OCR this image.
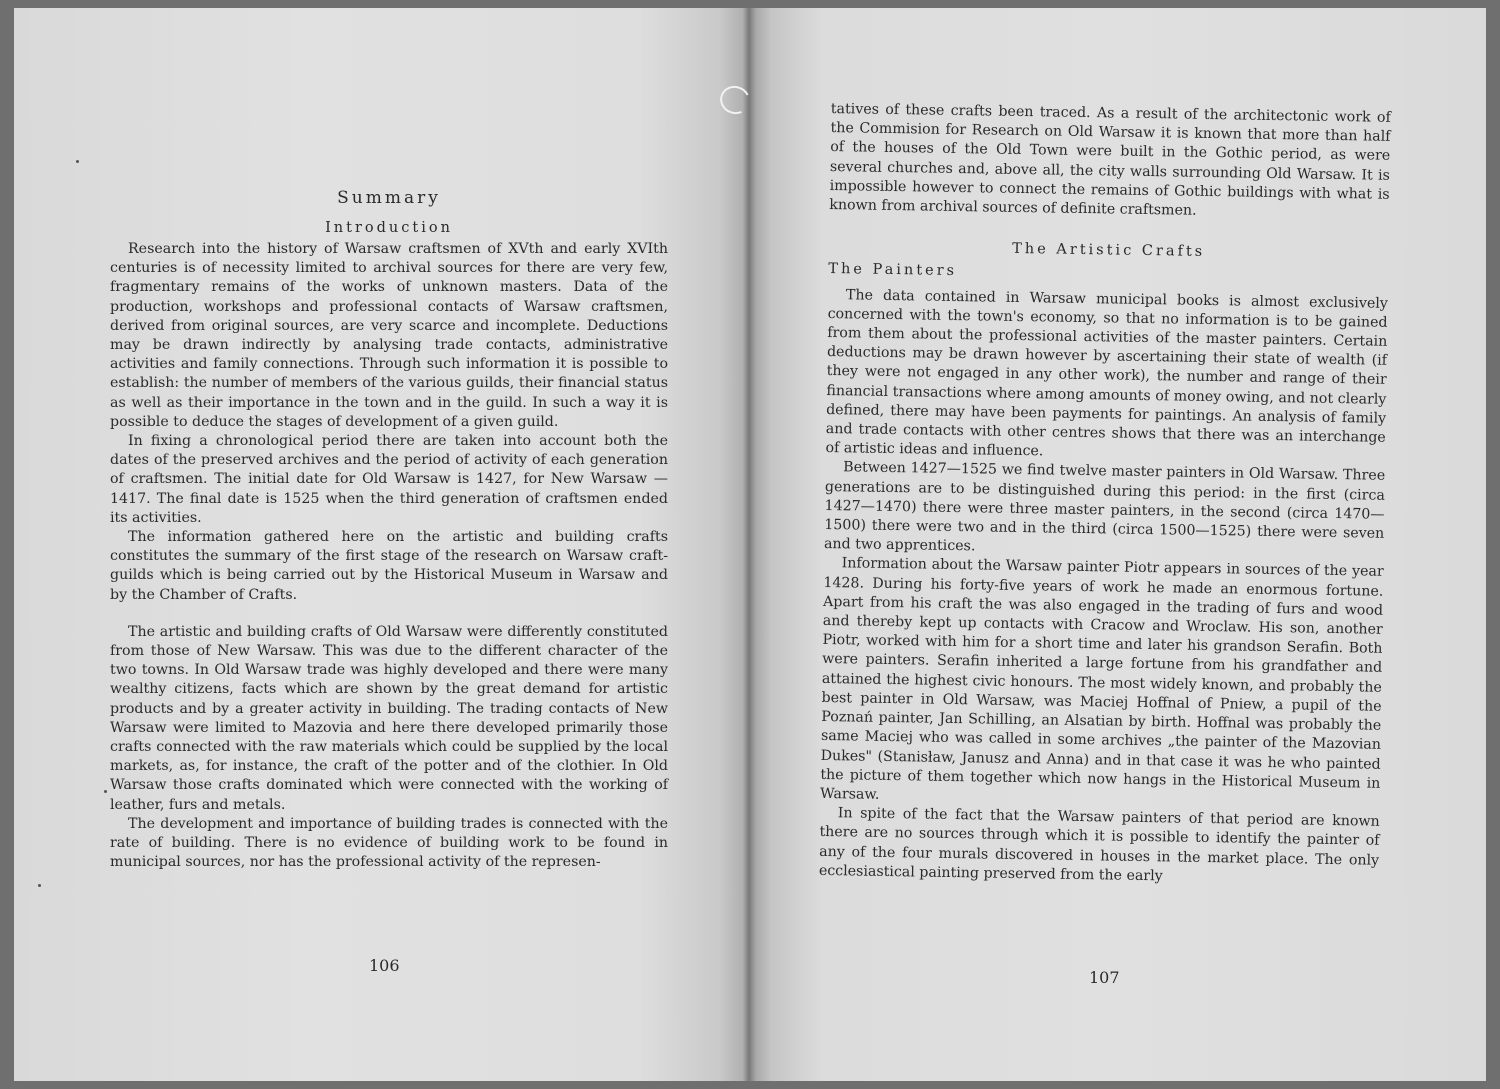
Summary
Introduction

Research into the history of Warsaw craftsmen of XVth and early XVIth centuries is of necessity limited to archival sources for there are very few, fragmentary remains of the works of unknown masters. Data of the production, workshops and professional contacts of Warsaw craftsmen, derived from original sources, are very scarce and incomplete. Deductions may be drawn indirectly by analysing trade contacts, administrative activities and family connections. Through such information it is possible to establish: the number of members of the various guilds, their financial status as well as their importance in the town and in the guild. In such a way it is possible to deduce the stages of development of a given guild.

In fixing a chronological period there are taken into account both the dates of the preserved archives and the period of activity of each generation of craftsmen. The initial date for Old Warsaw is 1427, for New Warsaw — 1417. The final date is 1525 when the third generation of craftsmen ended its activities.

The information gathered here on the artistic and building crafts constitutes the summary of the first stage of the research on Warsaw craft-guilds which is being carried out by the Historical Museum in Warsaw and by the Chamber of Crafts.

The artistic and building crafts of Old Warsaw were differently constituted from those of New Warsaw. This was due to the different character of the two towns. In Old Warsaw trade was highly developed and there were many wealthy citizens, facts which are shown by the great demand for artistic products and by a greater activity in building. The trading contacts of New Warsaw were limited to Mazovia and here there developed primarily those crafts connected with the raw materials which could be supplied by the local markets, as, for instance, the craft of the potter and of the clothier. In Old Warsaw those crafts dominated which were connected with the working of leather, furs and metals.

The development and importance of building trades is connected with the rate of building. There is no evidence of building work to be found in municipal sources, nor has the professional activity of the represen-

106

tatives of these crafts been traced. As a result of the architectonic work of the Commision for Research on Old Warsaw it is known that more than half of the houses of the Old Town were built in the Gothic period, as were several churches and, above all, the city walls surrounding Old Warsaw. It is impossible however to connect the remains of Gothic buildings with what is known from archival sources of definite craftsmen.

The Artistic Crafts

The Painters

The data contained in Warsaw municipal books is almost exclusively concerned with the town's economy, so that no information is to be gained from them about the professional activities of the master painters. Certain deductions may be drawn however by ascertaining their state of wealth (if they were not engaged in any other work), the number and range of their financial transactions where among amounts of money owing, and not clearly defined, there may have been payments for paintings. An analysis of family and trade contacts with other centres shows that there was an interchange of artistic ideas and influence.

Between 1427—1525 we find twelve master painters in Old Warsaw. Three generations are to be distinguished during this period: in the first (circa 1427—1470) there were three master painters, in the second (circa 1470—1500) there were two and in the third (circa 1500—1525) there were seven and two apprentices.

Information about the Warsaw painter Piotr appears in sources of the year 1428. During his forty-five years of work he made an enormous fortune. Apart from his craft the was also engaged in the trading of furs and wood and thereby kept up contacts with Cracow and Wroclaw. His son, another Piotr, worked with him for a short time and later his grandson Serafin. Both were painters. Serafin inherited a large fortune from his grandfather and attained the highest civic honours. The most widely known, and probably the best painter in Old Warsaw, was Maciej Hoffnal of Pniew, a pupil of the Poznań painter, Jan Schilling, an Alsatian by birth. Hoffnal was probably the same Maciej who was called in some archives „the painter of the Mazovian Dukes" (Stanisław, Janusz and Anna) and in that case it was he who painted the picture of them together which now hangs in the Historical Museum in Warsaw.

In spite of the fact that the Warsaw painters of that period are known there are no sources through which it is possible to identify the painter of any of the four murals discovered in houses in the market place. The only ecclesiastical painting preserved from the early

107
